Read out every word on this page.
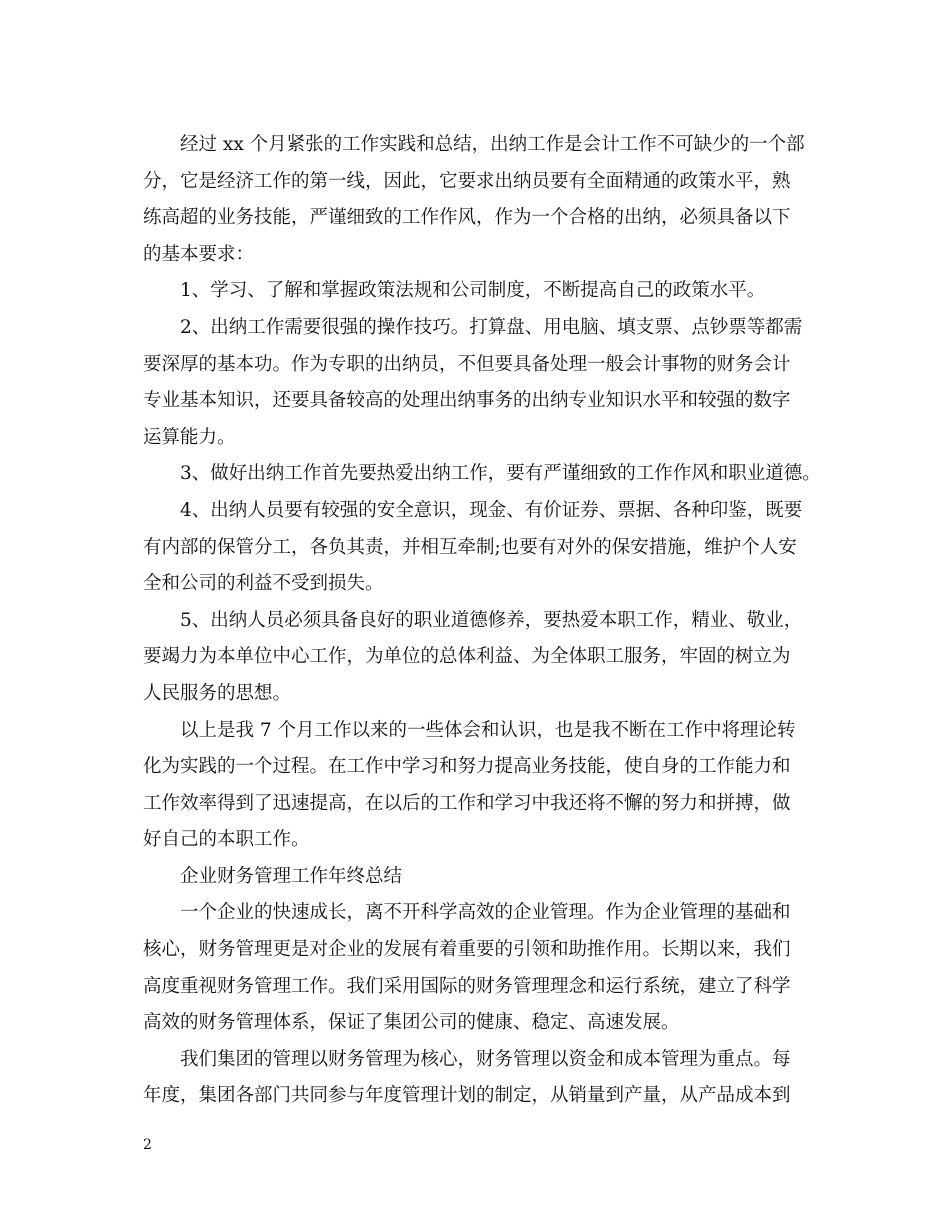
经过 xx 个月紧张的工作实践和总结，出纳工作是会计工作不可缺少的一个部
分，它是经济工作的第一线，因此，它要求出纳员要有全面精通的政策水平，熟
练高超的业务技能，严谨细致的工作作风，作为一个合格的出纳，必须具备以下
的基本要求：
1、学习、了解和掌握政策法规和公司制度，不断提高自己的政策水平。
2、出纳工作需要很强的操作技巧。打算盘、用电脑、填支票、点钞票等都需
要深厚的基本功。作为专职的出纳员，不但要具备处理一般会计事物的财务会计
专业基本知识，还要具备较高的处理出纳事务的出纳专业知识水平和较强的数字
运算能力。
3、做好出纳工作首先要热爱出纳工作，要有严谨细致的工作作风和职业道德。
4、出纳人员要有较强的安全意识，现金、有价证券、票据、各种印鉴，既要
有内部的保管分工，各负其责，并相互牵制;也要有对外的保安措施，维护个人安
全和公司的利益不受到损失。
5、出纳人员必须具备良好的职业道德修养，要热爱本职工作，精业、敬业，
要竭力为本单位中心工作，为单位的总体利益、为全体职工服务，牢固的树立为
人民服务的思想。
以上是我 7 个月工作以来的一些体会和认识，也是我不断在工作中将理论转
化为实践的一个过程。在工作中学习和努力提高业务技能，使自身的工作能力和
工作效率得到了迅速提高，在以后的工作和学习中我还将不懈的努力和拼搏，做
好自己的本职工作。
企业财务管理工作年终总结
一个企业的快速成长，离不开科学高效的企业管理。作为企业管理的基础和
核心，财务管理更是对企业的发展有着重要的引领和助推作用。长期以来，我们
高度重视财务管理工作。我们采用国际的财务管理理念和运行系统，建立了科学
高效的财务管理体系，保证了集团公司的健康、稳定、高速发展。
我们集团的管理以财务管理为核心，财务管理以资金和成本管理为重点。每
年度，集团各部门共同参与年度管理计划的制定，从销量到产量，从产品成本到
2
